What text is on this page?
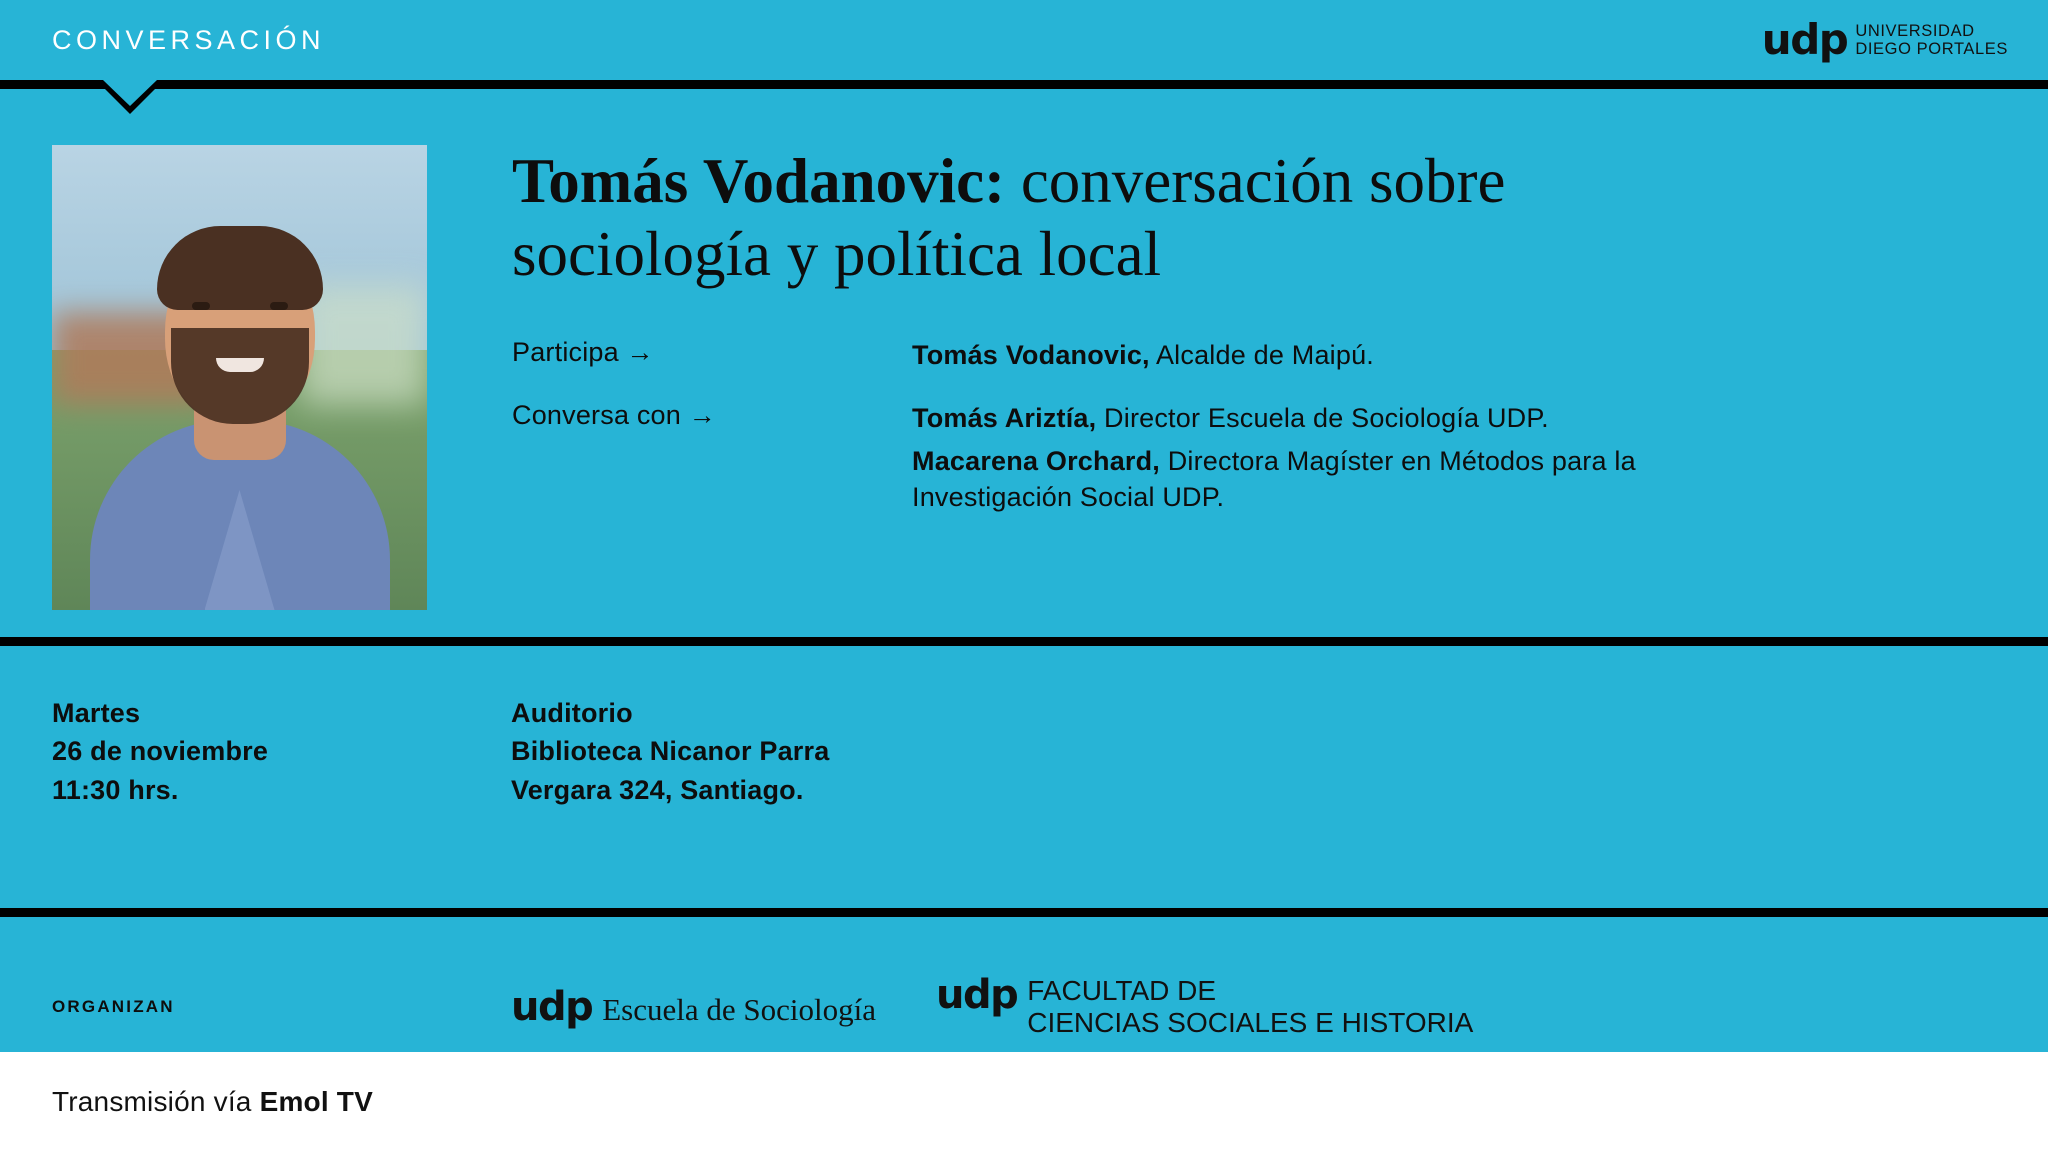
CONVERSACIÓN	udp UNIVERSIDAD
DIEGO PORTALES
Tomás Vodanovic: conversación sobre sociología y política local
Participa →	Tomás Vodanovic, Alcalde de Maipú.
Conversa con →	Tomás Ariztía, Director Escuela de Sociología UDP.
Macarena Orchard, Directora Magíster en Métodos para la Investigación Social UDP.
Martes
26 de noviembre
11:30 hrs.
Auditorio
Biblioteca Nicanor Parra
Vergara 324, Santiago.
ORGANIZAN	udp Escuela de Sociología udp FACULTAD DE
CIENCIAS SOCIALES E HISTORIA
Transmisión vía Emol TV
